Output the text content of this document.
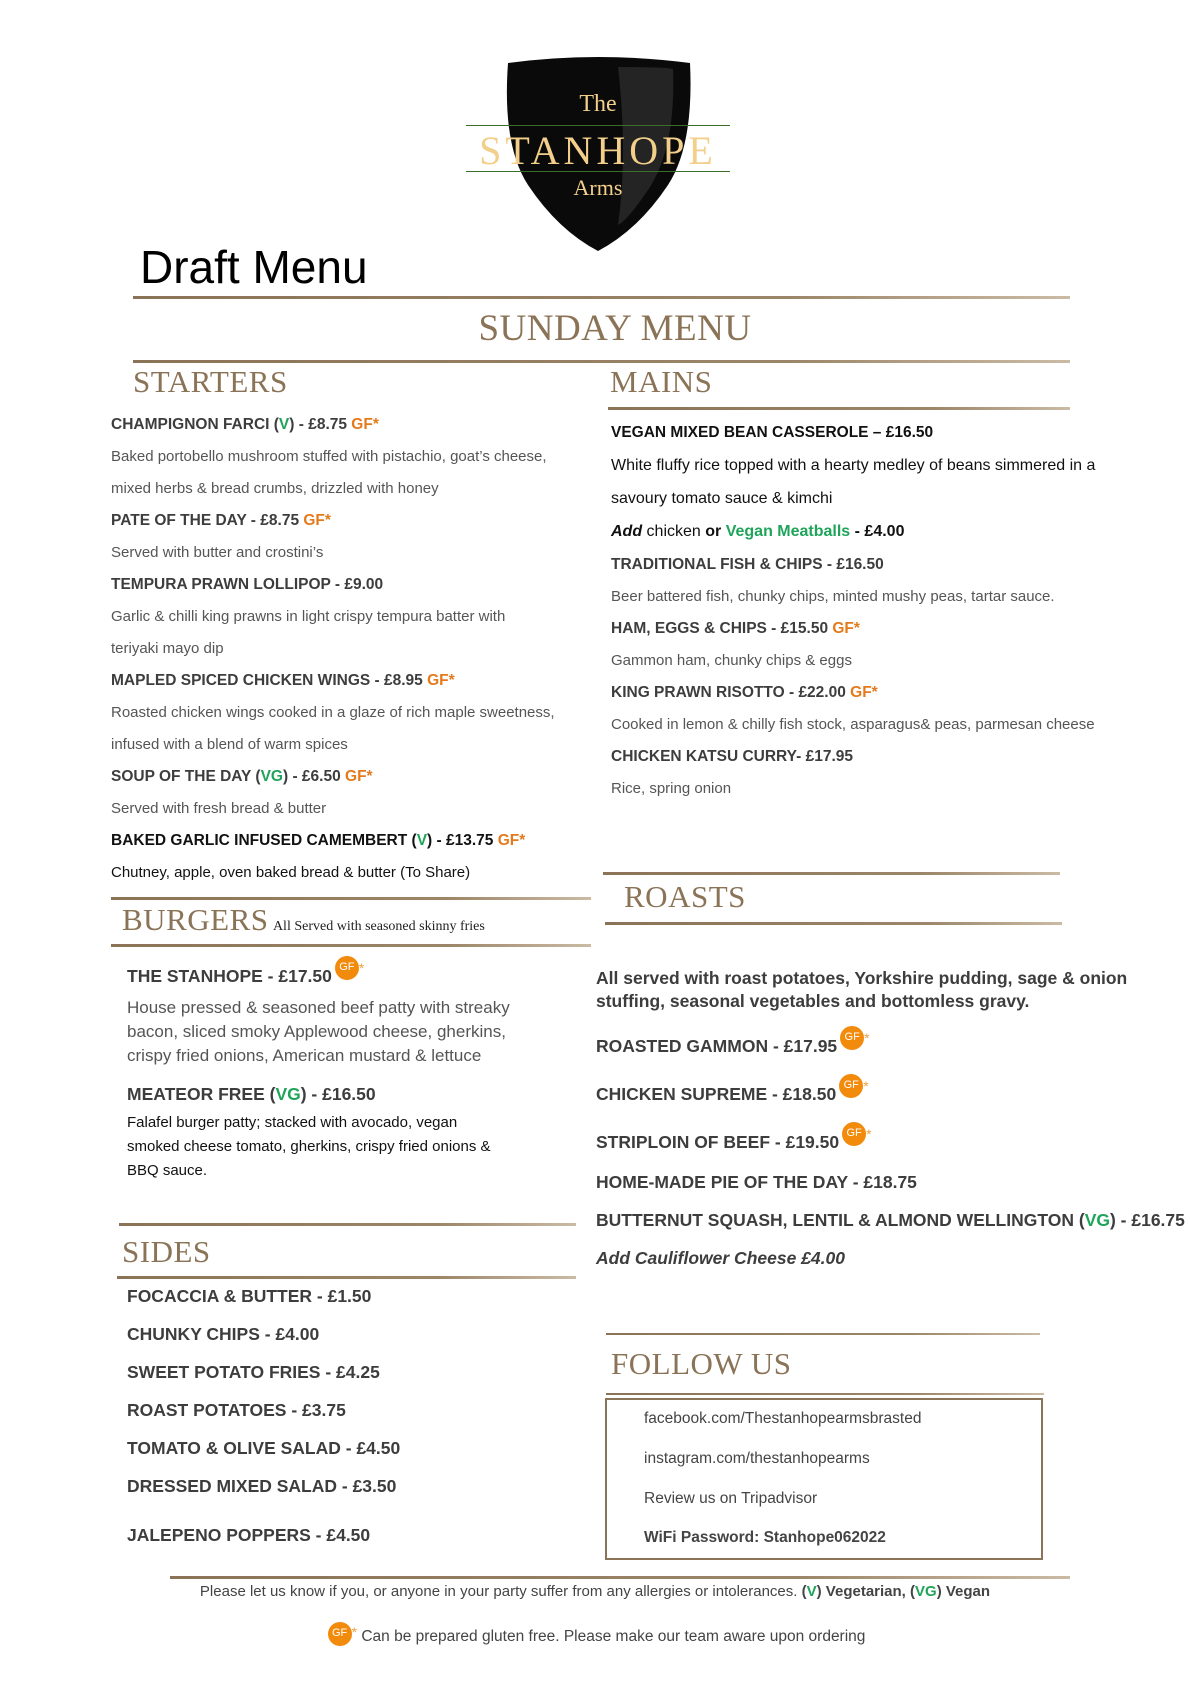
The
STANHOPE
Arms
Draft Menu
SUNDAY MENU
STARTERS
CHAMPIGNON FARCI (V) - £8.75 GF*
Baked portobello mushroom stuffed with pistachio, goat’s cheese,
mixed herbs & bread crumbs, drizzled with honey
PATE OF THE DAY - £8.75 GF*
Served with butter and crostini’s
TEMPURA PRAWN LOLLIPOP - £9.00
Garlic & chilli king prawns in light crispy tempura batter with
teriyaki mayo dip
MAPLED SPICED CHICKEN WINGS - £8.95 GF*
Roasted chicken wings cooked in a glaze of rich maple sweetness,
infused with a blend of warm spices
SOUP OF THE DAY (VG) - £6.50 GF*
Served with fresh bread & butter
BAKED GARLIC INFUSED CAMEMBERT (V) - £13.75 GF*
Chutney, apple, oven baked bread & butter (To Share)
MAINS
VEGAN MIXED BEAN CASSEROLE – £16.50
White fluffy rice topped with a hearty medley of beans simmered in a
savoury tomato sauce & kimchi
Add chicken or Vegan Meatballs - £4.00
TRADITIONAL FISH & CHIPS - £16.50
Beer battered fish, chunky chips, minted mushy peas, tartar sauce.
HAM, EGGS & CHIPS - £15.50 GF*
Gammon ham, chunky chips & eggs
KING PRAWN RISOTTO - £22.00 GF*
Cooked in lemon & chilly fish stock, asparagus& peas, parmesan cheese
CHICKEN KATSU CURRY- £17.95
Rice, spring onion
BURGERS All Served with seasoned skinny fries
THE STANHOPE - £17.50 GF *
House pressed & seasoned beef patty with streaky
bacon, sliced smoky Applewood cheese, gherkins,
crispy fried onions, American mustard & lettuce
MEATEOR FREE (VG) - £16.50
Falafel burger patty; stacked with avocado, vegan
smoked cheese tomato, gherkins, crispy fried onions &
BBQ sauce.
SIDES
FOCACCIA & BUTTER - £1.50
CHUNKY CHIPS - £4.00
SWEET POTATO FRIES - £4.25
ROAST POTATOES - £3.75
TOMATO & OLIVE SALAD - £4.50
DRESSED MIXED SALAD - £3.50
JALEPENO POPPERS - £4.50
ROASTS
All served with roast potatoes, Yorkshire pudding, sage & onion
stuffing, seasonal vegetables and bottomless gravy.
ROASTED GAMMON - £17.95 GF *
CHICKEN SUPREME - £18.50 GF *
STRIPLOIN OF BEEF - £19.50 GF *
HOME-MADE PIE OF THE DAY - £18.75
BUTTERNUT SQUASH, LENTIL & ALMOND WELLINGTON (VG) - £16.75
Add Cauliflower Cheese £4.00
FOLLOW US
facebook.com/Thestanhopearmsbrasted
instagram.com/thestanhopearms
Review us on Tripadvisor
WiFi Password: Stanhope062022
Please let us know if you, or anyone in your party suffer from any allergies or intolerances. (V) Vegetarian, (VG) Vegan
GF * Can be prepared gluten free. Please make our team aware upon ordering
